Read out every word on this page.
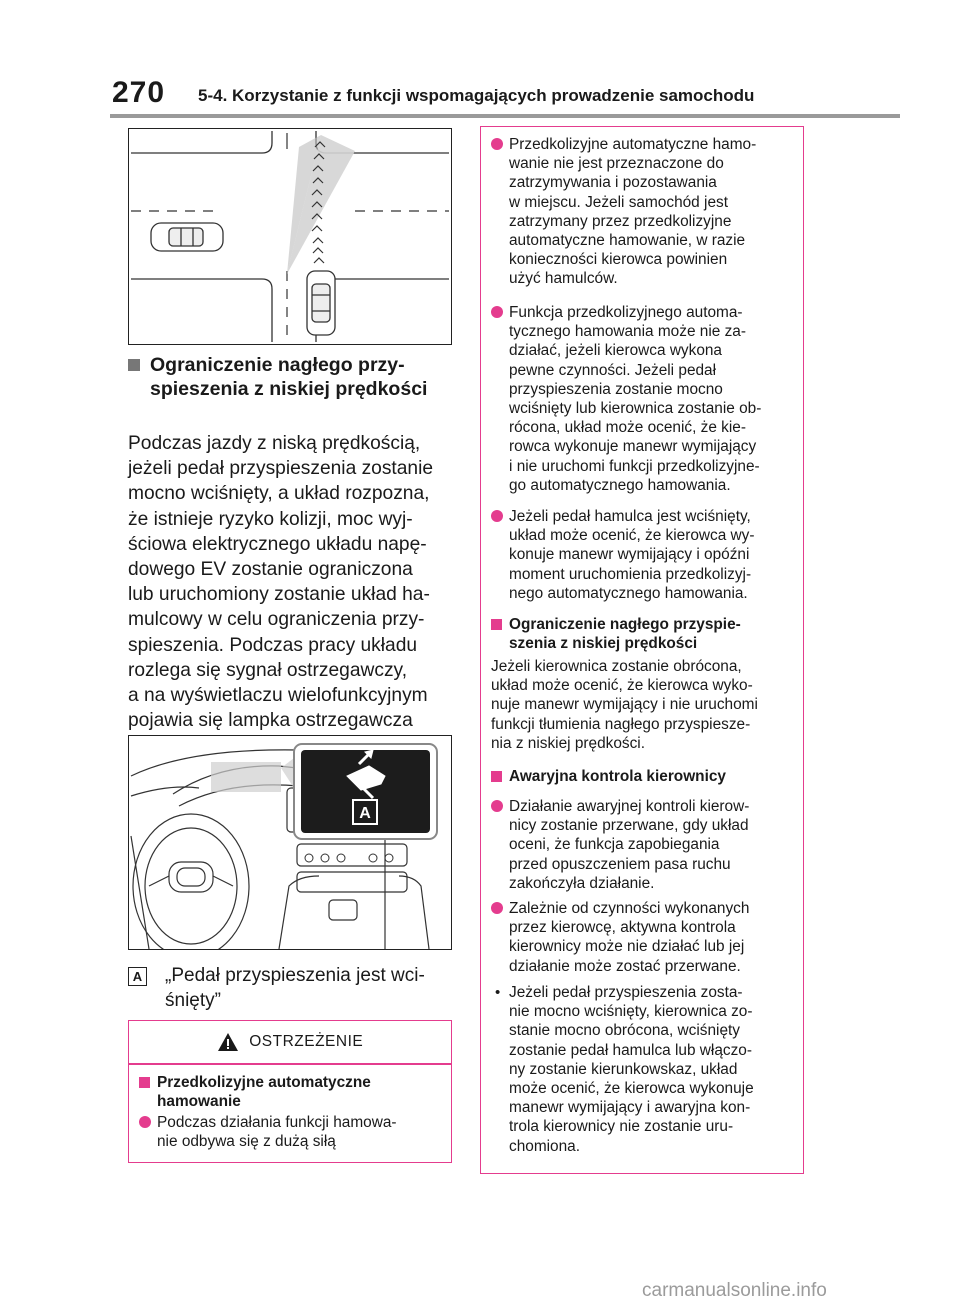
270 5-4. Korzystanie z funkcji wspomagających prowadzenie samochodu
Ograniczenie nagłego przy-
spieszenia z niskiej prędkości
Podczas jazdy z niską prędkością,
jeżeli pedał przyspieszenia zostanie
mocno wciśnięty, a układ rozpozna,
że istnieje ryzyko kolizji, moc wyj-
ściowa elektrycznego układu napę-
dowego EV zostanie ograniczona
lub uruchomiony zostanie układ ha-
mulcowy w celu ograniczenia przy-
spieszenia. Podczas pracy układu
rozlega się sygnał ostrzegawczy,
a na wyświetlaczu wielofunkcyjnym
pojawia się lampka ostrzegawcza

A
A	„Pedał przyspieszenia jest wci-
śnięty”
OSTRZEŻENIE
Przedkolizyjne automatyczne
hamowanie
Podczas działania funkcji hamowa-
nie odbywa się z dużą siłą
Przedkolizyjne automatyczne hamo-
wanie nie jest przeznaczone do
zatrzymywania i pozostawania
w miejscu. Jeżeli samochód jest
zatrzymany przez przedkolizyjne
automatyczne hamowanie, w razie
konieczności kierowca powinien
użyć hamulców.
Funkcja przedkolizyjnego automa-
tycznego hamowania może nie za-
działać, jeżeli kierowca wykona
pewne czynności. Jeżeli pedał
przyspieszenia zostanie mocno
wciśnięty lub kierownica zostanie ob-
rócona, układ może ocenić, że kie-
rowca wykonuje manewr wymijający
i nie uruchomi funkcji przedkolizyjne-
go automatycznego hamowania.
Jeżeli pedał hamulca jest wciśnięty,
układ może ocenić, że kierowca wy-
konuje manewr wymijający i opóźni
moment uruchomienia przedkolizyj-
nego automatycznego hamowania.
Ograniczenie nagłego przyspie-
szenia z niskiej prędkości
Jeżeli kierownica zostanie obrócona,
układ może ocenić, że kierowca wyko-
nuje manewr wymijający i nie uruchomi
funkcji tłumienia nagłego przyspiesze-
nia z niskiej prędkości.
Awaryjna kontrola kierownicy
Działanie awaryjnej kontroli kierow-
nicy zostanie przerwane, gdy układ
oceni, że funkcja zapobiegania
przed opuszczeniem pasa ruchu
zakończyła działanie.
Zależnie od czynności wykonanych
przez kierowcę, aktywna kontrola
kierownicy może nie działać lub jej
działanie może zostać przerwane.
• Jeżeli pedał przyspieszenia zosta-
nie mocno wciśnięty, kierownica zo-
stanie mocno obrócona, wciśnięty
zostanie pedał hamulca lub włączo-
ny zostanie kierunkowskaz, układ
może ocenić, że kierowca wykonuje
manewr wymijający i awaryjna kon-
trola kierownicy nie zostanie uru-
chomiona.
carmanualsonline.info
